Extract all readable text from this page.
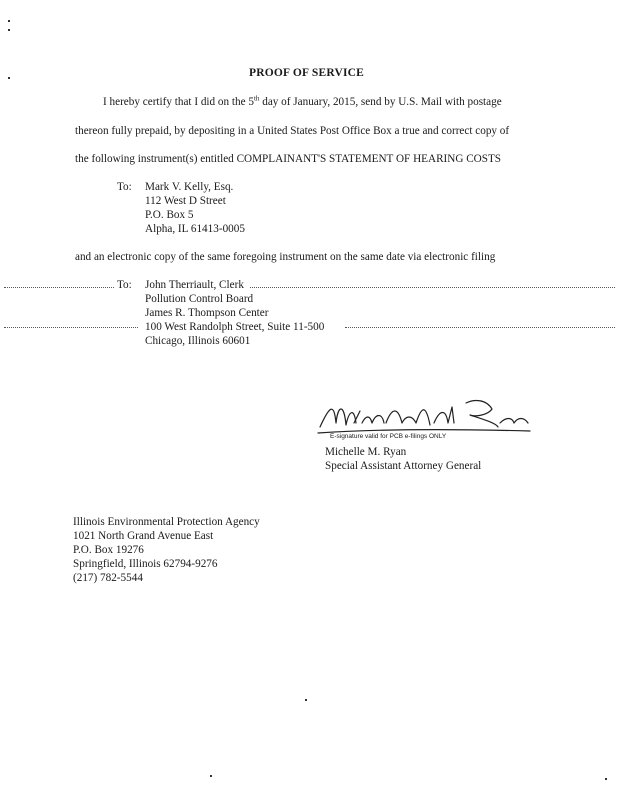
PROOF OF SERVICE
I hereby certify that I did on the 5th day of January, 2015, send by U.S. Mail with postage
thereon fully prepaid, by depositing in a United States Post Office Box a true and correct copy of
the following instrument(s) entitled COMPLAINANT'S STATEMENT OF HEARING COSTS
To: Mark V. Kelly, Esq.
112 West D Street
P.O. Box 5
Alpha, IL 61413-0005
and an electronic copy of the same foregoing instrument on the same date via electronic filing
To: John Therriault, Clerk
Pollution Control Board
James R. Thompson Center
100 West Randolph Street, Suite 11-500
Chicago, Illinois 60601
E-signature valid for PCB e-filings ONLY
Michelle M. Ryan
Special Assistant Attorney General
Illinois Environmental Protection Agency
1021 North Grand Avenue East
P.O. Box 19276
Springfield, Illinois 62794-9276
(217) 782-5544
